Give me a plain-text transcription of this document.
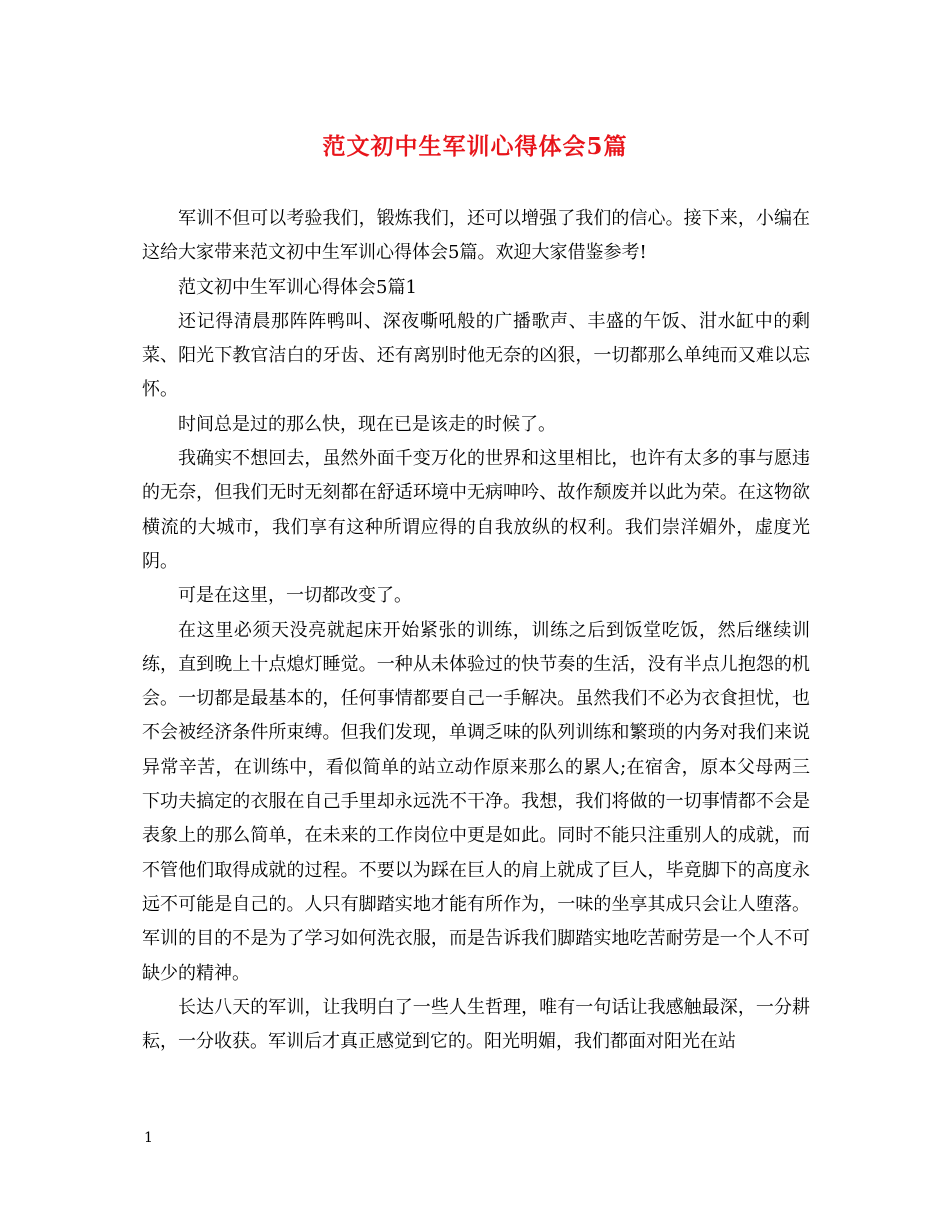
范文初中生军训心得体会5篇

军训不但可以考验我们，锻炼我们，还可以增强了我们的信心。接下来，小编在这给大家带来范文初中生军训心得体会5篇。欢迎大家借鉴参考!

范文初中生军训心得体会5篇1

还记得清晨那阵阵鸭叫、深夜嘶吼般的广播歌声、丰盛的午饭、泔水缸中的剩菜、阳光下教官洁白的牙齿、还有离别时他无奈的凶狠，一切都那么单纯而又难以忘怀。

时间总是过的那么快，现在已是该走的时候了。

我确实不想回去，虽然外面千变万化的世界和这里相比，也许有太多的事与愿违的无奈，但我们无时无刻都在舒适环境中无病呻吟、故作颓废并以此为荣。在这物欲横流的大城市，我们享有这种所谓应得的自我放纵的权利。我们崇洋媚外，虚度光阴。

可是在这里，一切都改变了。

在这里必须天没亮就起床开始紧张的训练，训练之后到饭堂吃饭，然后继续训练，直到晚上十点熄灯睡觉。一种从未体验过的快节奏的生活，没有半点儿抱怨的机会。一切都是最基本的，任何事情都要自己一手解决。虽然我们不必为衣食担忧，也不会被经济条件所束缚。但我们发现，单调乏味的队列训练和繁琐的内务对我们来说异常辛苦，在训练中，看似简单的站立动作原来那么的累人;在宿舍，原本父母两三下功夫搞定的衣服在自己手里却永远洗不干净。我想，我们将做的一切事情都不会是表象上的那么简单，在未来的工作岗位中更是如此。同时不能只注重别人的成就，而不管他们取得成就的过程。不要以为踩在巨人的肩上就成了巨人，毕竟脚下的高度永远不可能是自己的。人只有脚踏实地才能有所作为，一味的坐享其成只会让人堕落。军训的目的不是为了学习如何洗衣服，而是告诉我们脚踏实地吃苦耐劳是一个人不可缺少的精神。

长达八天的军训，让我明白了一些人生哲理，唯有一句话让我感触最深，一分耕耘，一分收获。军训后才真正感觉到它的。阳光明媚，我们都面对阳光在站

1
